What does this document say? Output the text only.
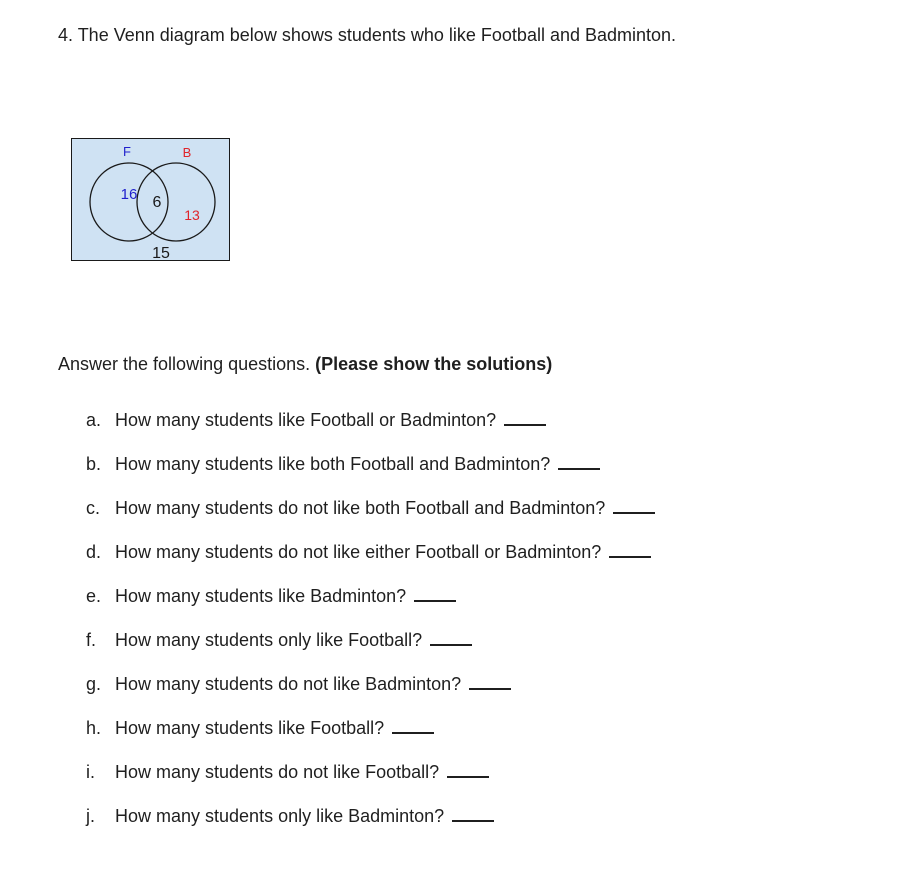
4. The Venn diagram below shows students who like Football and Badminton.
F	B
16 6
13
15
Answer the following questions. (Please show the solutions)
a. How many students like Football or Badminton?
b. How many students like both Football and Badminton?
c. How many students do not like both Football and Badminton?
d. How many students do not like either Football or Badminton?
e. How many students like Badminton?
f. How many students only like Football?
g. How many students do not like Badminton?
h. How many students like Football?
i. How many students do not like Football?
j. How many students only like Badminton?
